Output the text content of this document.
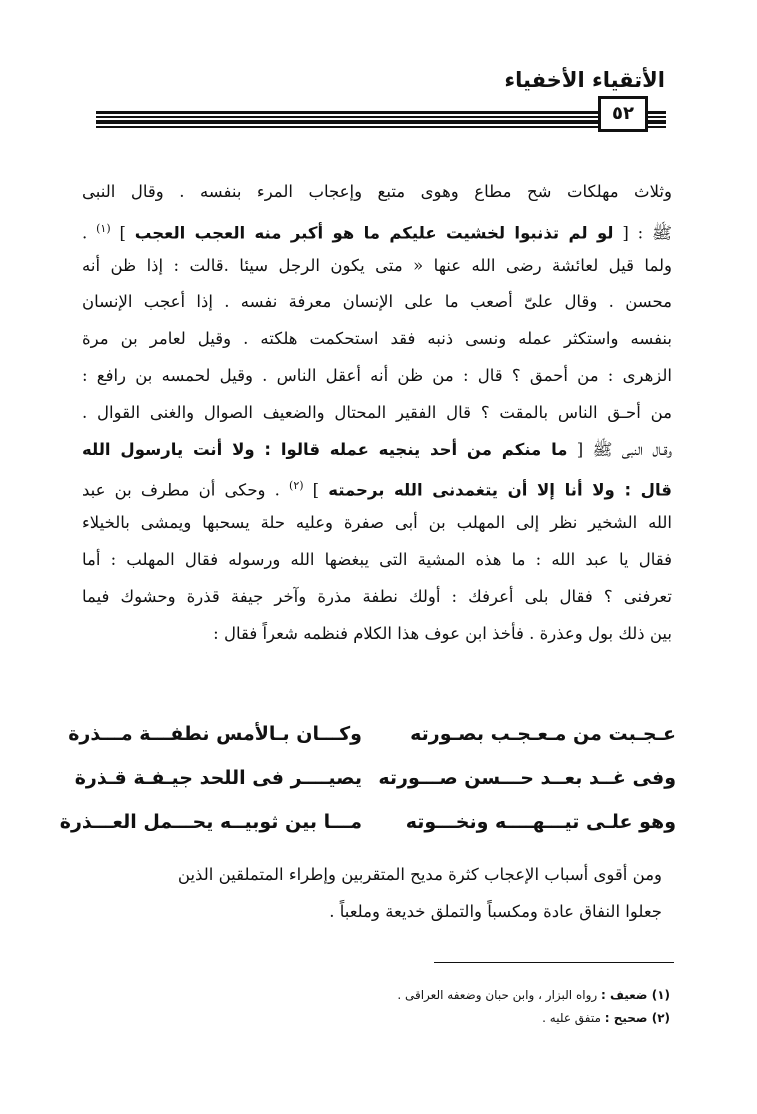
الأتقياء الأخفياء
٥٢
وثلاث مهلكات شح مطاع وهوى متبع وإعجاب المرء بنفسه . وقال النبى
ﷺ : [ لو لم تذنبوا لخشيت عليكم ما هو أكبر منه العجب العجب ] $^{(١)}$ .
ولما قيل لعائشة رضى الله عنها « متى يكون الرجل سيئا .قالت : إذا ظن أنه
محسن . وقال علىّ أصعب ما على الإنسان معرفة نفسه . إذا أعجب الإنسان
بنفسه واستكثر عمله ونسى ذنبه فقد استحكمت هلكته . وقيل لعامر بن مرة
الزهرى : من أحمق ؟ قال : من ظن أنه أعقل الناس . وقيل لحمسه بن رافع :
من أحـق الناس بالمقت ؟ قال الفقير المحتال والضعيف الصوال والغنى القوال .
وقـال النبى ﷺ [ ما منكم من أحد ينجيه عمله قالوا : ولا أنت يارسول الله
قال : ولا أنا إلا أن يتغمدنى الله برحمته ] $^{(٢)}$ . وحكى أن مطرف بن عبد
الله الشخير نظر إلى المهلب بن أبى صفرة وعليه حلة يسحبها ويمشى بالخيلاء
فقال يا عبد الله : ما هذه المشية التى يبغضها الله ورسوله فقال المهلب : أما
تعرفنى ؟ فقال بلى أعرفك : أولك نطفة مذرة وآخر جيفة قذرة وحشوك فيما
بين ذلك بول وعذرة . فأخذ ابن عوف هذا الكلام فنظمه شعراً فقال :
عـجـبت من مـعـجـب بصـورته
وكـــان بـالأمس نطفـــة مـــذرة
وفى غــد بعــد حـــسن صـــورته
يصيــــر فى اللحد جيـفـة قـذرة
وهو علـى تيـــهــــه ونخـــوته
مـــا بين ثوبيــه يحـــمل العـــذرة
ومن أقوى أسباب الإعجاب كثرة مديح المتقربين وإطراء المتملقين الذين
جعلوا النفاق عادة ومكسباً والتملق خديعة وملعباً .
(١) ضعيف : رواه البزار ، وابن حبان وضعفه العراقى .
(٢) صحيح : متفق عليه .
